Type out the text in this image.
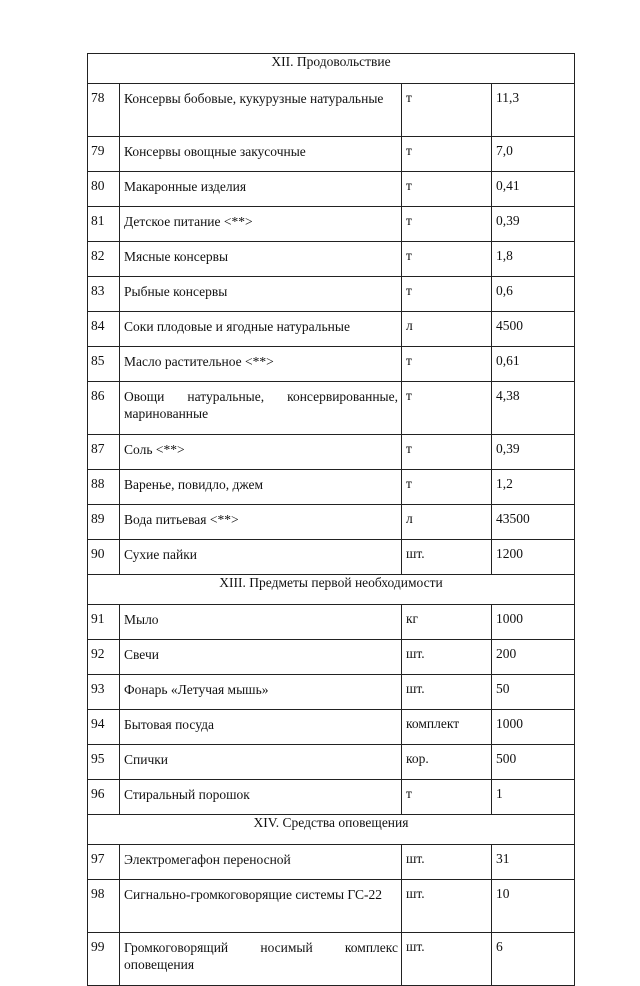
XII. Продовольствие			
78	Консервы бобовые, кукурузные натуральные	т	11,3
79	Консервы овощные закусочные	т	7,0
80	Макаронные изделия	т	0,41
81	Детское питание <**>	т	0,39
82	Мясные консервы	т	1,8
83	Рыбные консервы	т	0,6
84	Соки плодовые и ягодные натуральные	л	4500
85	Масло растительное <**>	т	0,61
86	Овощи натуральные, консервированные, маринованные	т	4,38
87	Соль <**>	т	0,39
88	Варенье, повидло, джем	т	1,2
89	Вода питьевая <**>	л	43500
90	Сухие пайки	шт.	1200
XIII. Предметы первой необходимости			
91	Мыло	кг	1000
92	Свечи	шт.	200
93	Фонарь «Летучая мышь»	шт.	50
94	Бытовая посуда	комплект	1000
95	Спички	кор.	500
96	Стиральный порошок	т	1
XIV. Средства оповещения			
97	Электромегафон переносной	шт.	31
98	Сигнально-громкоговорящие системы ГС-22	шт.	10
99	Громкоговорящий носимый комплекс оповещения	шт.	6
